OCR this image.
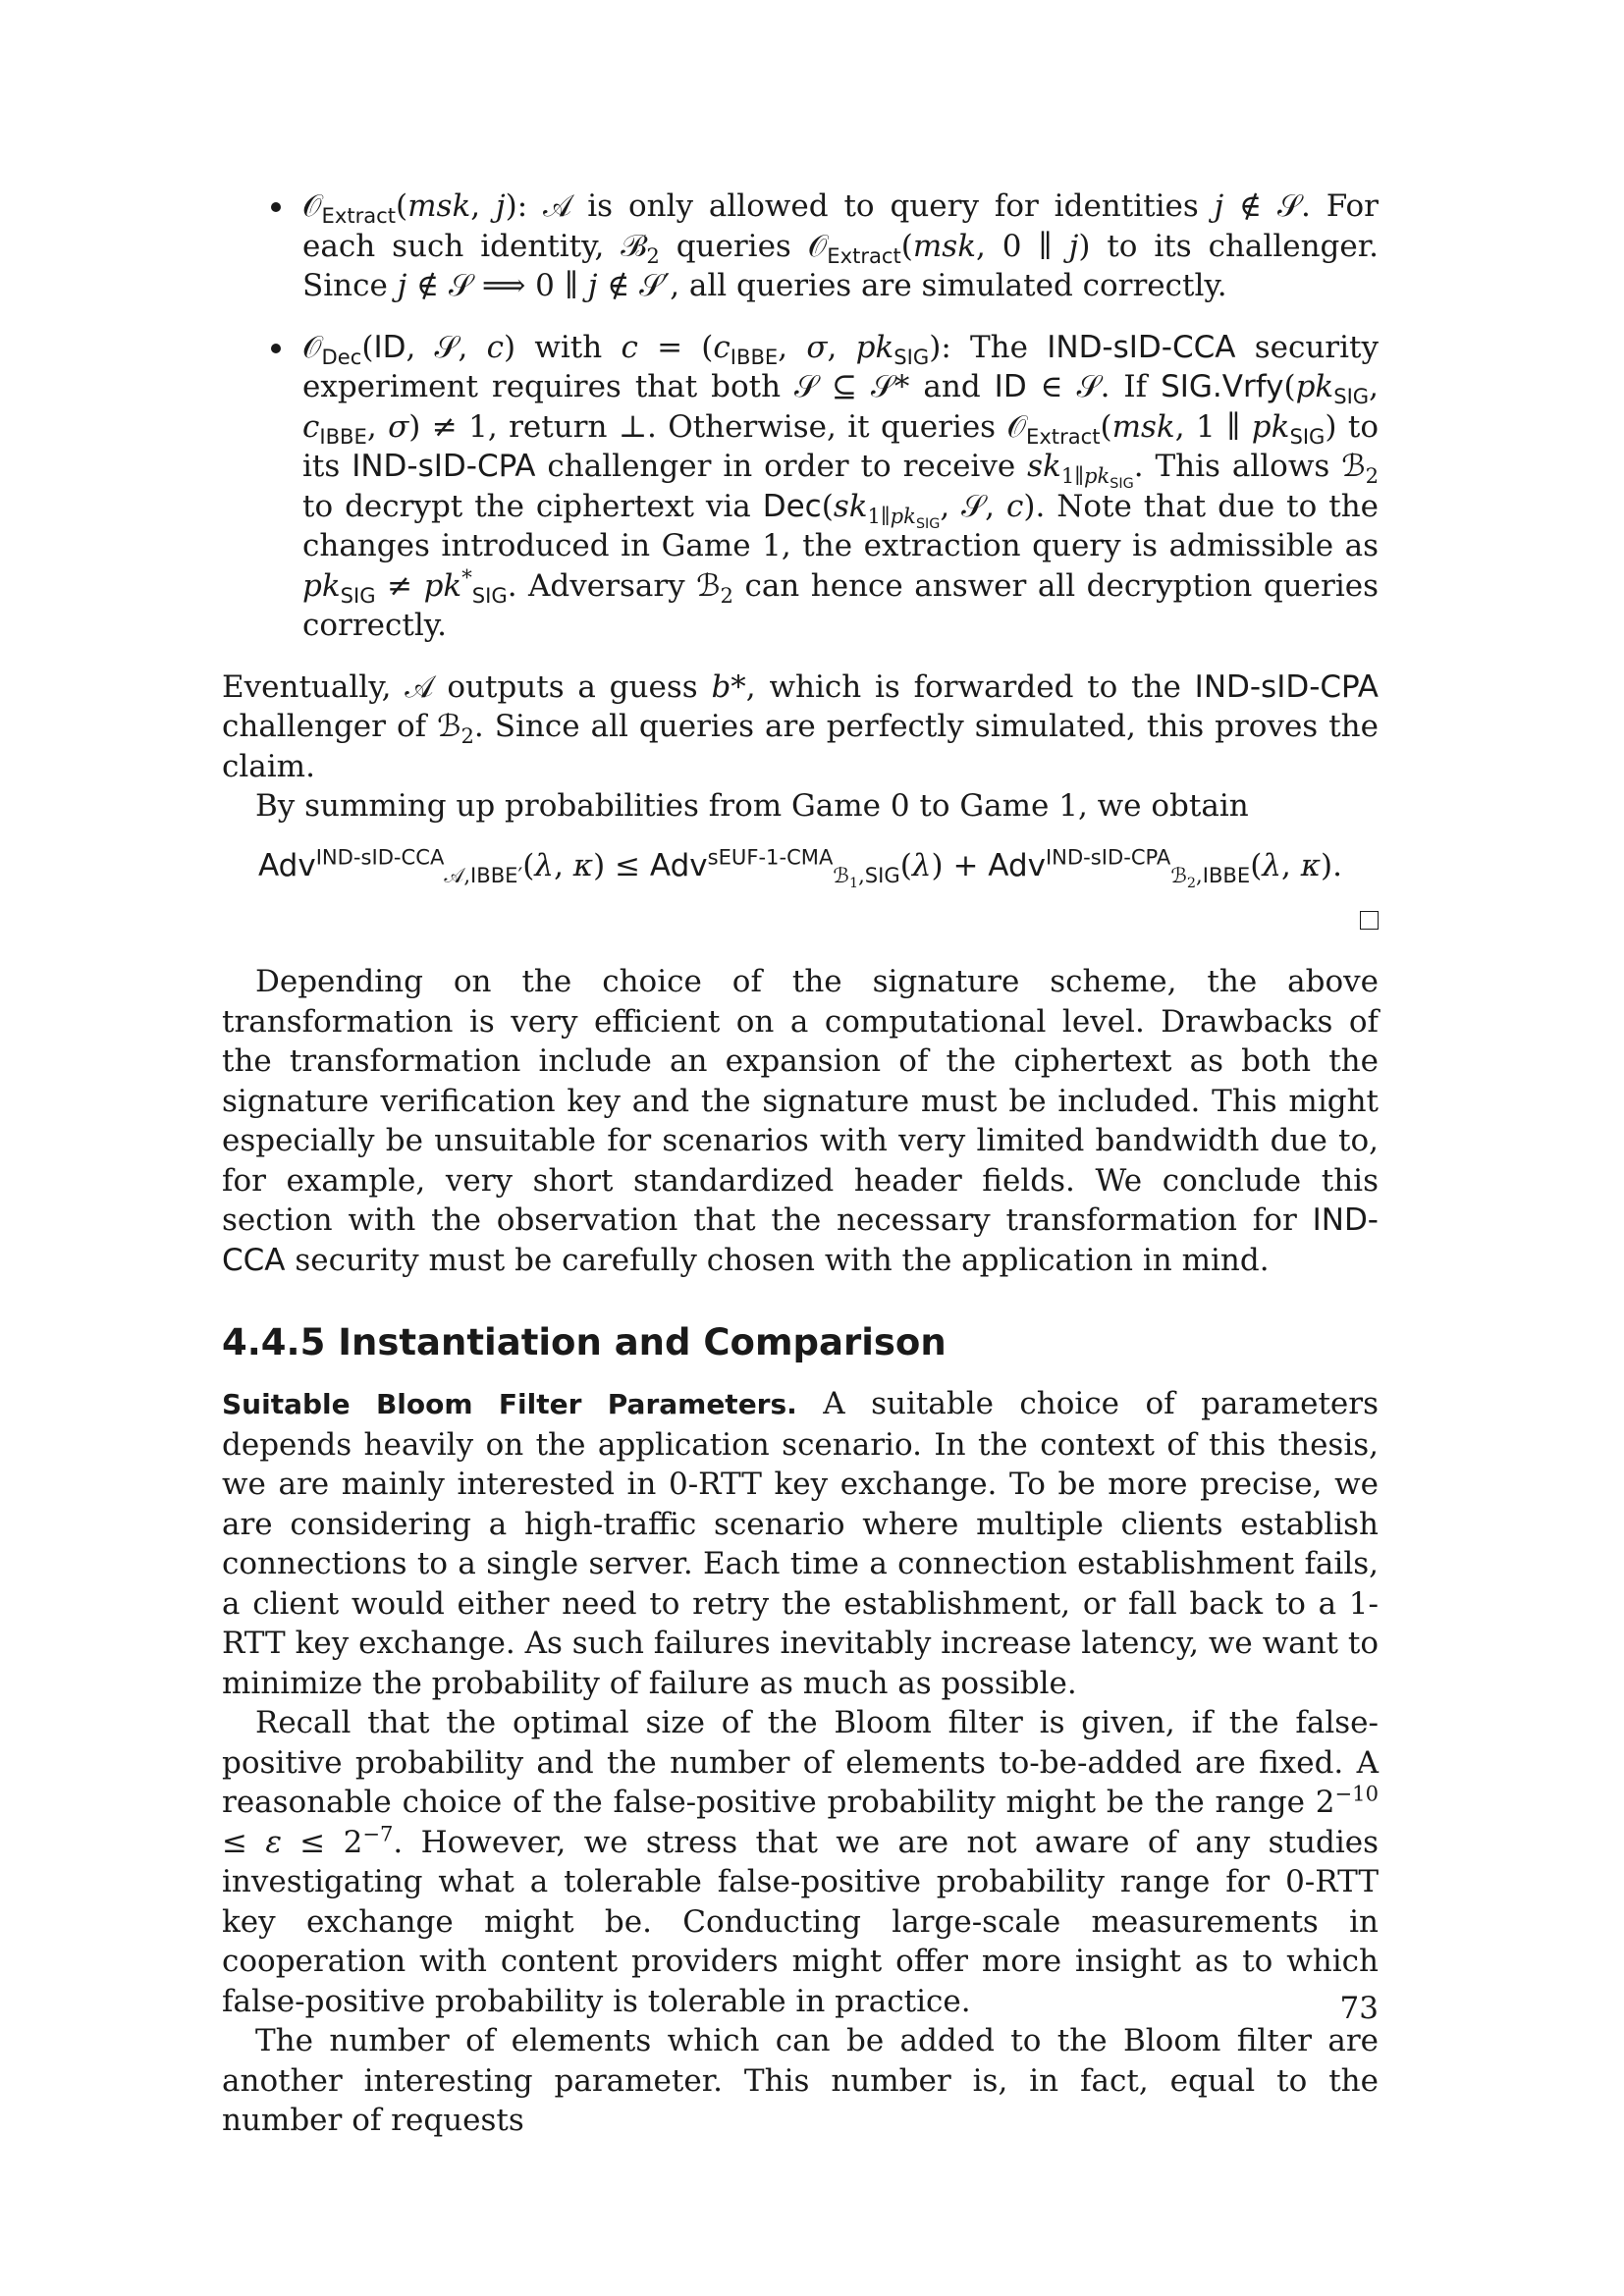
𝒪$_{Extract}$(msk, j): 𝒜 is only allowed to query for identities j ∉ 𝒮. For each such identity, ℬ$_2$ queries 𝒪$_{Extract}$(msk, 0 ∥ j) to its challenger. Since j ∉ 𝒮 ⟹ 0 ∥ j ∉ 𝒮′, all queries are simulated correctly.
𝒪$_{Dec}$(ID, 𝒮, c) with $c = (c_{IBBE}$, σ, $pk_{SIG}$): The IND-sID-CCA security experiment requires that both 𝒮 ⊆ 𝒮* and ID ∈ 𝒮. If $SIG.Vrfy(pk_{SIG}$, $c_{IBBE}$, σ) ≠ 1, return ⊥. Otherwise, it queries 𝒪$_{Extract}$(msk, 1 ∥ $pk_{SIG}$) to its IND-sID-CPA challenger in order to receive $sk_{1\parallel pk_{SIG}}$. This allows ℬ$_2$ to decrypt the ciphertext via $Dec(sk_{1\parallel pk_{SIG}}$, 𝒮, c). Note that due to the changes introduced in Game 1, the extraction query is admissible as $pk_{SIG} \ne pk^*_{SIG}$. Adversary ℬ$_2$ can hence answer all decryption queries correctly.

Eventually, 𝒜 outputs a guess b*, which is forwarded to the IND-sID-CPA challenger of ℬ$_2$. Since all queries are perfectly simulated, this proves the claim.

By summing up probabilities from Game 0 to Game 1, we obtain

Adv$^{IND-sID-CCA}_{𝒜,IBBE'}$(λ, κ) ≤ Adv$^{sEUF-1-CMA}_{ℬ_1,SIG}$(λ) + Adv$^{IND-sID-CPA}_{ℬ_2,IBBE}$(λ, κ).

Depending on the choice of the signature scheme, the above transformation is very efficient on a computational level. Drawbacks of the transformation include an expansion of the ciphertext as both the signature verification key and the signature must be included. This might especially be unsuitable for scenarios with very limited bandwidth due to, for example, very short standardized header fields. We conclude this section with the observation that the necessary transformation for IND-CCA security must be carefully chosen with the application in mind.

4.4.5 Instantiation and Comparison

Suitable Bloom Filter Parameters. A suitable choice of parameters depends heavily on the application scenario. In the context of this thesis, we are mainly interested in 0-RTT key exchange. To be more precise, we are considering a high-traffic scenario where multiple clients establish connections to a single server. Each time a connection establishment fails, a client would either need to retry the establishment, or fall back to a 1-RTT key exchange. As such failures inevitably increase latency, we want to minimize the probability of failure as much as possible.

Recall that the optimal size of the Bloom filter is given, if the false-positive probability and the number of elements to-be-added are fixed. A reasonable choice of the false-positive probability might be the range $2^{-10} \le \varepsilon \le 2^{-7}$. However, we stress that we are not aware of any studies investigating what a tolerable false-positive probability range for 0-RTT key exchange might be. Conducting large-scale measurements in cooperation with content providers might offer more insight as to which false-positive probability is tolerable in practice.

The number of elements which can be added to the Bloom filter are another interesting parameter. This number is, in fact, equal to the number of requests

73
